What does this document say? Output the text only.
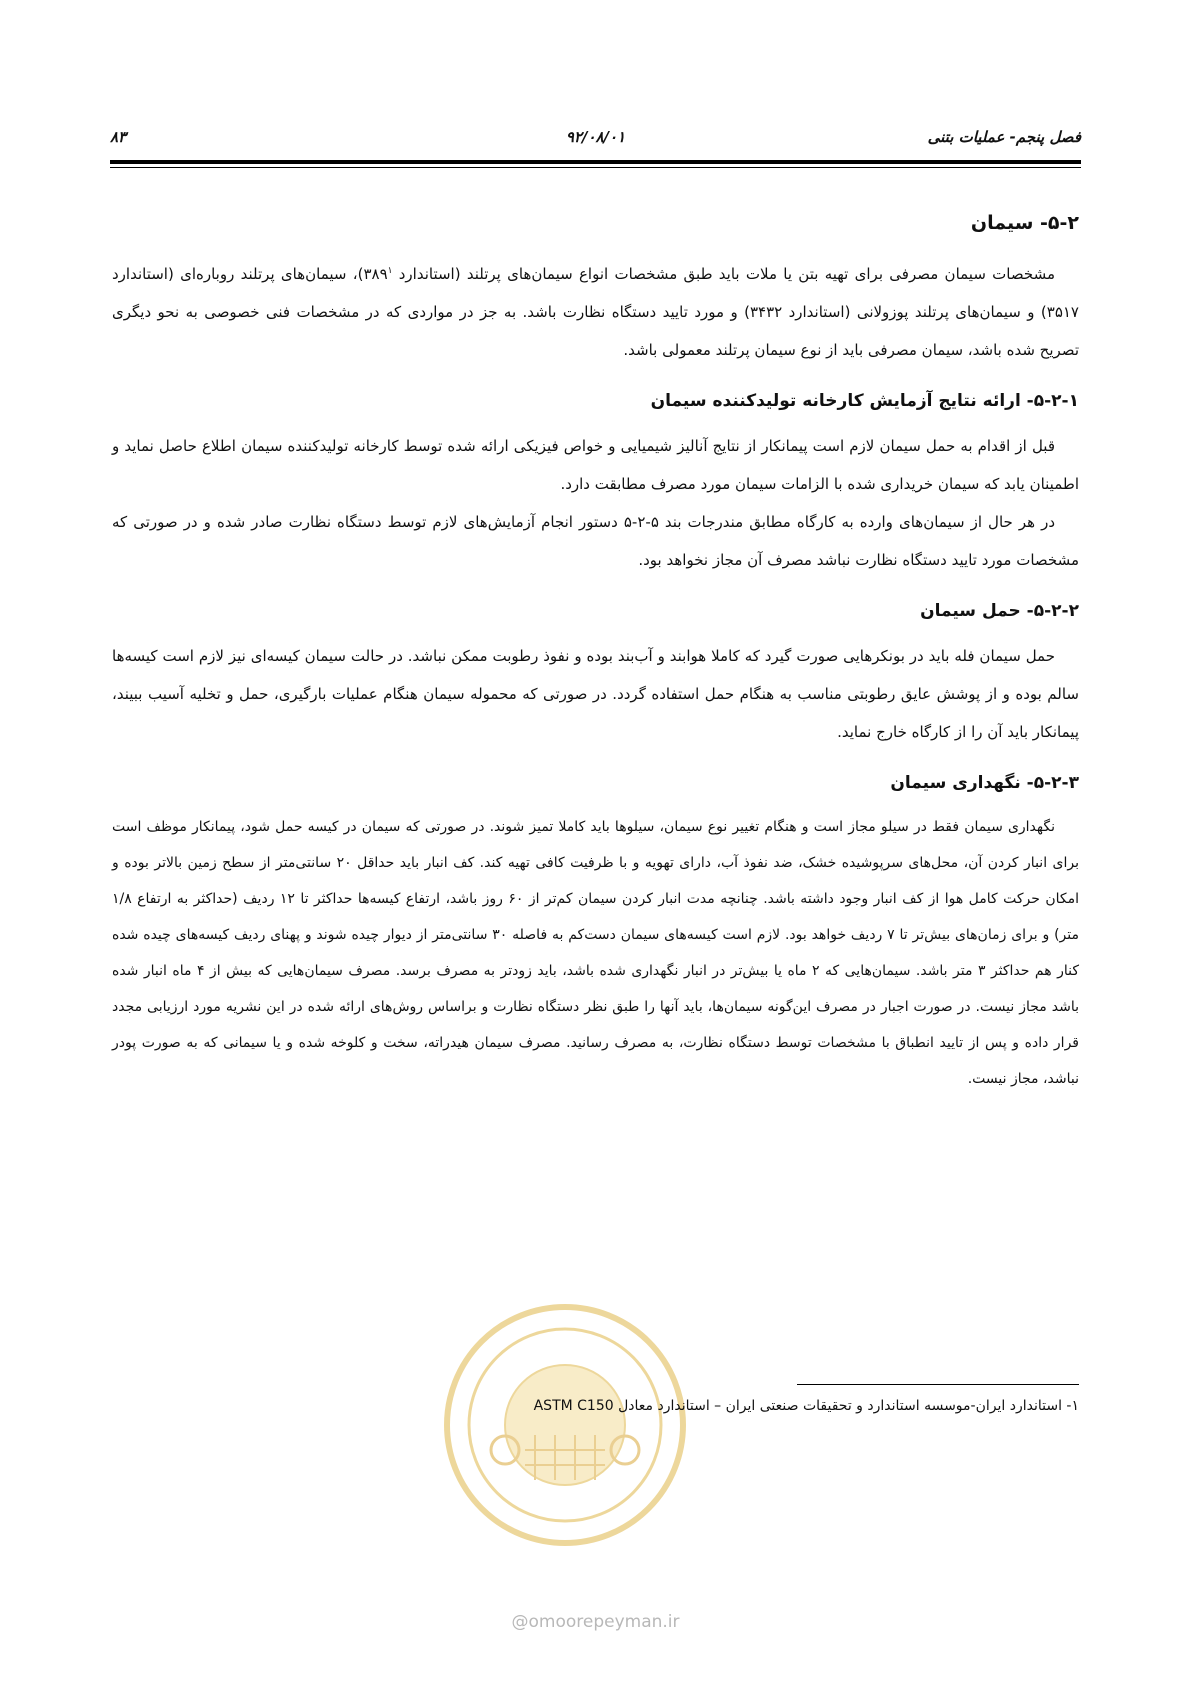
فصل پنجم- عملیات بتنی
۹۲/۰۸/۰۱
۸۳
۵-۲- سیمان

مشخصات سیمان مصرفی برای تهیه بتن یا ملات باید طبق مشخصات انواع سیمان‌های پرتلند (استاندارد $۳۸۹^۱)،$ سیمان‌های پرتلند روباره‌ای (استاندارد ۳۵۱۷) و سیمان‌های پرتلند پوزولانی (استاندارد ۳۴۳۲) و مورد تایید دستگاه نظارت باشد. به جز در مواردی که در مشخصات فنی خصوصی به نحو دیگری تصریح شده باشد، سیمان مصرفی باید از نوع سیمان پرتلند معمولی باشد.

۵-۲-۱- ارائه نتایج آزمایش کارخانه تولیدکننده سیمان

قبل از اقدام به حمل سیمان لازم است پیمانکار از نتایج آنالیز شیمیایی و خواص فیزیکی ارائه شده توسط کارخانه تولیدکننده سیمان اطلاع حاصل نماید و اطمینان یابد که سیمان خریداری شده با الزامات سیمان مورد مصرف مطابقت دارد.

در هر حال از سیمان‌های وارده به کارگاه مطابق مندرجات بند ۵-۲-۵ دستور انجام آزمایش‌های لازم توسط دستگاه نظارت صادر شده و در صورتی که مشخصات مورد تایید دستگاه نظارت نباشد مصرف آن مجاز نخواهد بود.

۵-۲-۲- حمل سیمان

حمل سیمان فله باید در بونکرهایی صورت گیرد که کاملا هوابند و آب‌بند بوده و نفوذ رطوبت ممکن نباشد. در حالت سیمان کیسه‌ای نیز لازم است کیسه‌ها سالم بوده و از پوشش عایق رطوبتی مناسب به هنگام حمل استفاده گردد. در صورتی که محموله سیمان هنگام عملیات بارگیری، حمل و تخلیه آسیب ببیند، پیمانکار باید آن را از کارگاه خارج نماید.

۵-۲-۳- نگهداری سیمان

نگهداری سیمان فقط در سیلو مجاز است و هنگام تغییر نوع سیمان، سیلوها باید کاملا تمیز شوند. در صورتی که سیمان در کیسه حمل شود، پیمانکار موظف است برای انبار کردن آن، محل‌های سرپوشیده خشک، ضد نفوذ آب، دارای تهویه و با ظرفیت کافی تهیه کند. کف انبار باید حداقل ۲۰ سانتی‌متر از سطح زمین بالاتر بوده و امکان حرکت کامل هوا از کف انبار وجود داشته باشد. چنانچه مدت انبار کردن سیمان کم‌تر از ۶۰ روز باشد، ارتفاع کیسه‌ها حداکثر تا ۱۲ ردیف (حداکثر به ارتفاع ۱/۸ متر) و برای زمان‌های بیش‌تر تا ۷ ردیف خواهد بود. لازم است کیسه‌های سیمان دست‌کم به فاصله ۳۰ سانتی‌متر از دیوار چیده شوند و پهنای ردیف کیسه‌های چیده شده کنار هم حداکثر ۳ متر باشد. سیمان‌هایی که ۲ ماه یا بیش‌تر در انبار نگهداری شده باشد، باید زودتر به مصرف برسد. مصرف سیمان‌هایی که بیش از ۴ ماه انبار شده باشد مجاز نیست. در صورت اجبار در مصرف این‌گونه سیمان‌ها، باید آنها را طبق نظر دستگاه نظارت و براساس روش‌های ارائه شده در این نشریه مورد ارزیابی مجدد قرار داده و پس از تایید انطباق با مشخصات توسط دستگاه نظارت، به مصرف رسانید. مصرف سیمان هیدراته، سخت و کلوخه شده و یا سیمانی که به صورت پودر نباشد، مجاز نیست.

۱- استاندارد ایران-موسسه استاندارد و تحقیقات صنعتی ایران – استاندارد معادل ASTM C150
@omoorepeyman.ir
